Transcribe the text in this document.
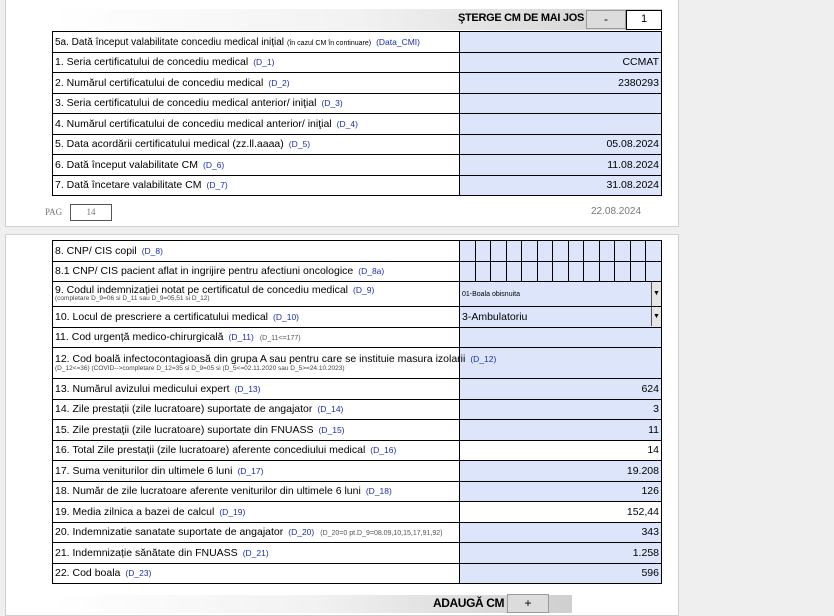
ŞTERGE CM DE MAI JOS	-	1
5a. Dată început valabilitate concediu medical inițial (în cazul CM în continuare) (Data_CMI)	
1. Seria certificatului de concediu medical (D_1)	CCMAT
2. Numărul certificatului de concediu medical (D_2)	2380293
3. Seria certificatului de concediu medical anterior/ iniţial (D_3)	
4. Numărul certificatului de concediu medical anterior/ iniţial (D_4)	
5. Data acordării certificatului medical (zz.ll.aaaa) (D_5)	05.08.2024
6. Dată început valabilitate CM (D_6)	11.08.2024
7. Dată încetare valabilitate CM (D_7)	31.08.2024
PAG	14	22.08.2024
8. CNP/ CIS copil (D_8)	

8.1 CNP/ CIS pacient aflat in ingrijire pentru afectiuni oncologice (D_8a)	

9. Codul indemnizației notat pe certificatul de concediu medical (D_9)
(completare D_9=06 si D_11 sau D_9=05,51 si D_12)	01-Boala obisnuita ▼

10. Locul de prescriere a certificatului medical (D_10)	3-Ambulatoriu ▼

11. Cod urgență medico-chirurgicală (D_11) (D_11<=177)	
12. Cod boală infectocontagioasă din grupa A sau pentru care se instituie masura izolarii (D_12)
(D_12<=36) (COVID-->completare D_12=35 si D_9=05 si (D_5<=02.11.2020 sau D_5>=24.10.2023)	

13. Numărul avizului medicului expert (D_13)	624
14. Zile prestații (zile lucratoare) suportate de angajator (D_14)	3
15. Zile prestaţii (zile lucratoare) suportate din FNUASS (D_15)	11
16. Total Zile prestații (zile lucratoare) aferente concediului medical (D_16)	14
17. Suma veniturilor din ultimele 6 luni (D_17)	19.208
18. Număr de zile lucratoare aferente veniturilor din ultimele 6 luni (D_18)	126
19. Media zilnica a bazei de calcul (D_19)	152,44
20. Indemnizatie sanatate suportate de angajator (D_20) (D_20=0 pt.D_9=08.09,10,15,17,91,92)	343
21. Indemnizație sănătate din FNUASS (D_21)	1.258
22. Cod boala (D_23)	596
ADAUGĂ CM	+
